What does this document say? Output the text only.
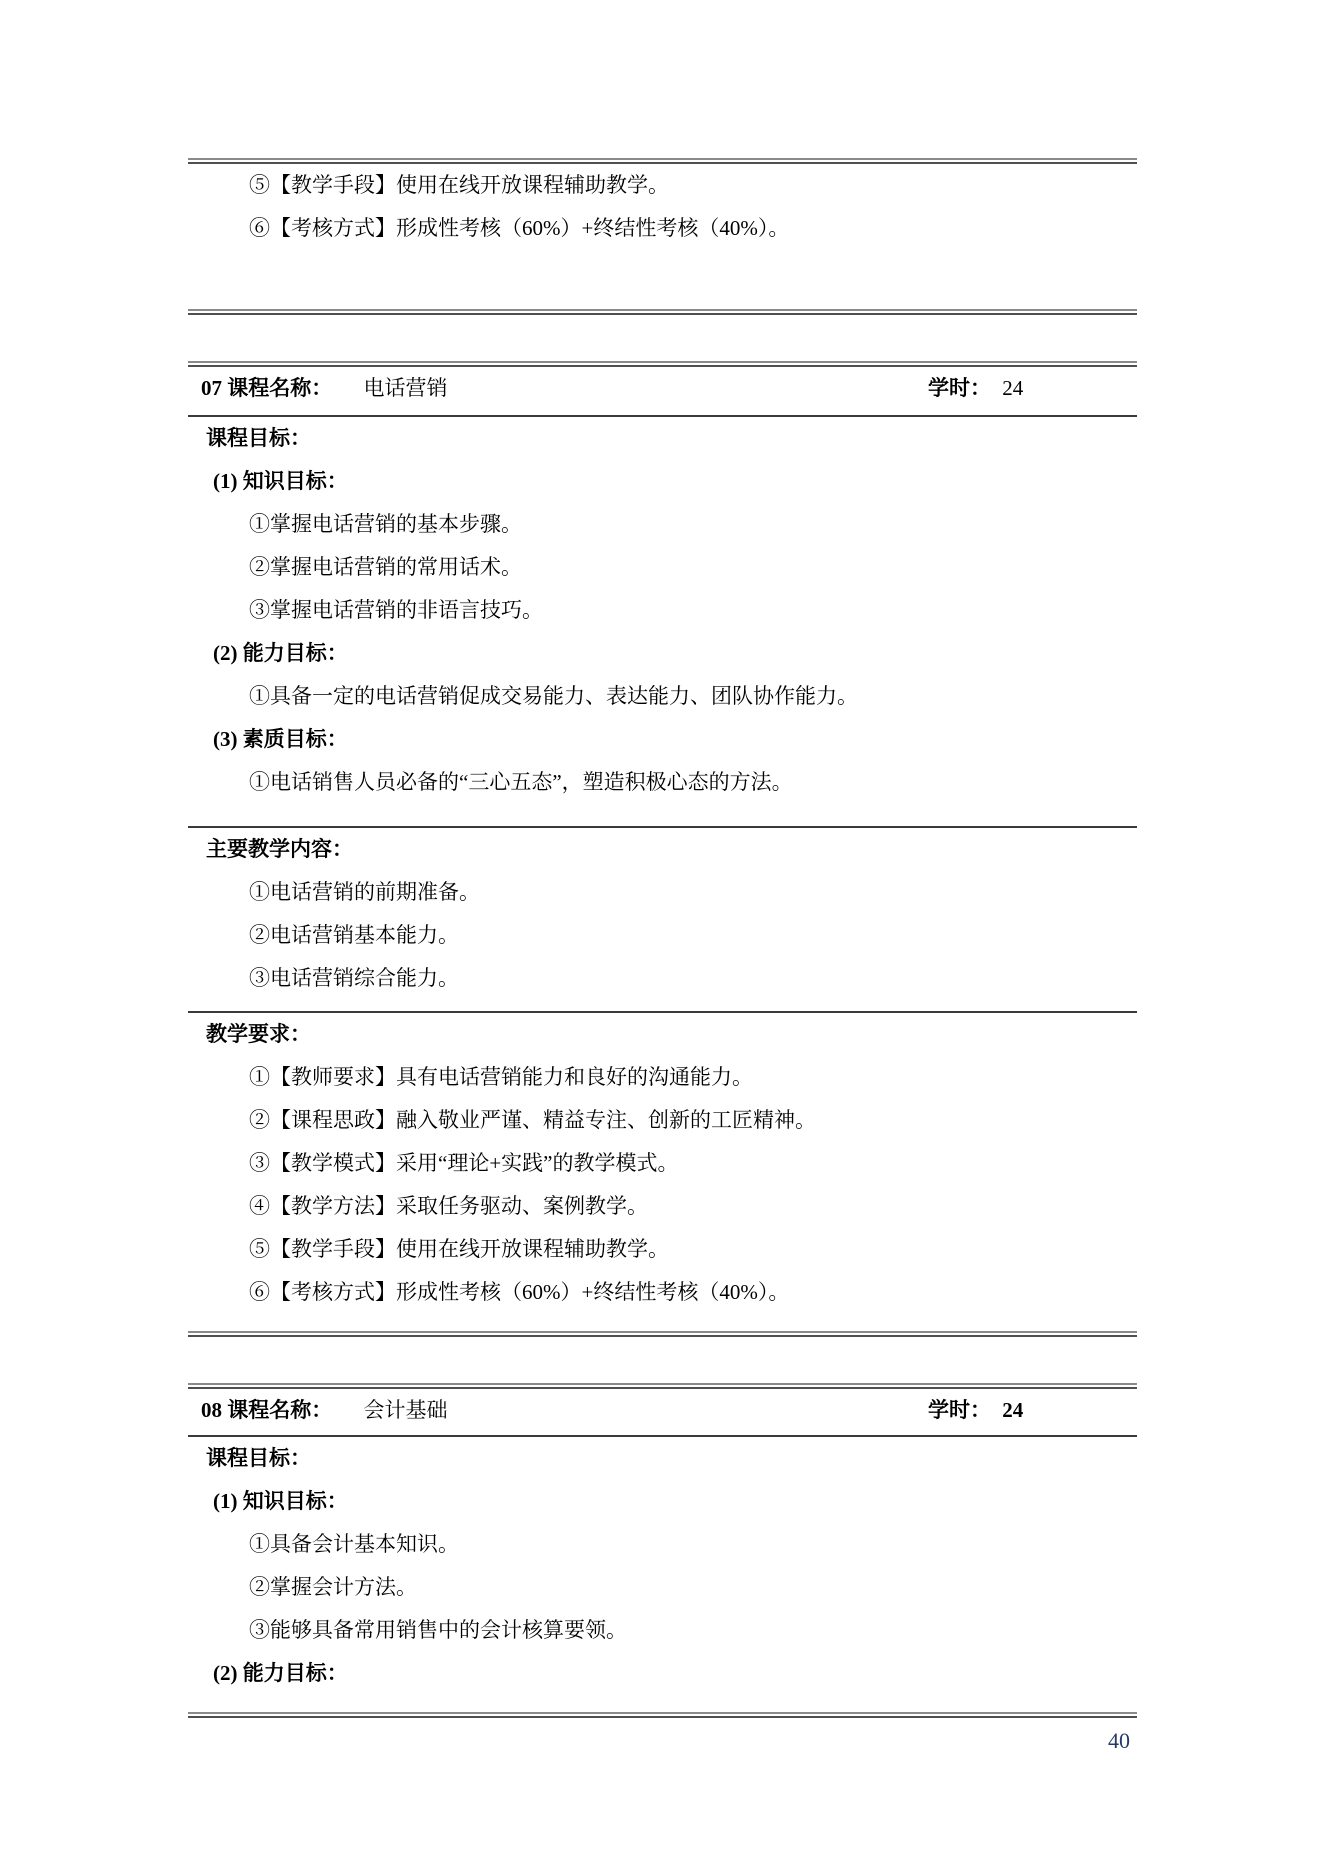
⑤【教学手段】使用在线开放课程辅助教学。

⑥【考核方式】形成性考核（60%）+终结性考核（40%）。

07 课程名称： 电话营销	学时： 24

课程目标：

(1) 知识目标：

①掌握电话营销的基本步骤。

②掌握电话营销的常用话术。

③掌握电话营销的非语言技巧。

(2) 能力目标：

①具备一定的电话营销促成交易能力、表达能力、团队协作能力。

(3) 素质目标：

①电话销售人员必备的“三心五态”，塑造积极心态的方法。

主要教学内容：

①电话营销的前期准备。

②电话营销基本能力。

③电话营销综合能力。

教学要求：

①【教师要求】具有电话营销能力和良好的沟通能力。

②【课程思政】融入敬业严谨、精益专注、创新的工匠精神。

③【教学模式】采用“理论+实践”的教学模式。

④【教学方法】采取任务驱动、案例教学。

⑤【教学手段】使用在线开放课程辅助教学。

⑥【考核方式】形成性考核（60%）+终结性考核（40%）。

08 课程名称： 会计基础	学时： 24

课程目标：

(1) 知识目标：

①具备会计基本知识。

②掌握会计方法。

③能够具备常用销售中的会计核算要领。

(2) 能力目标：

40
